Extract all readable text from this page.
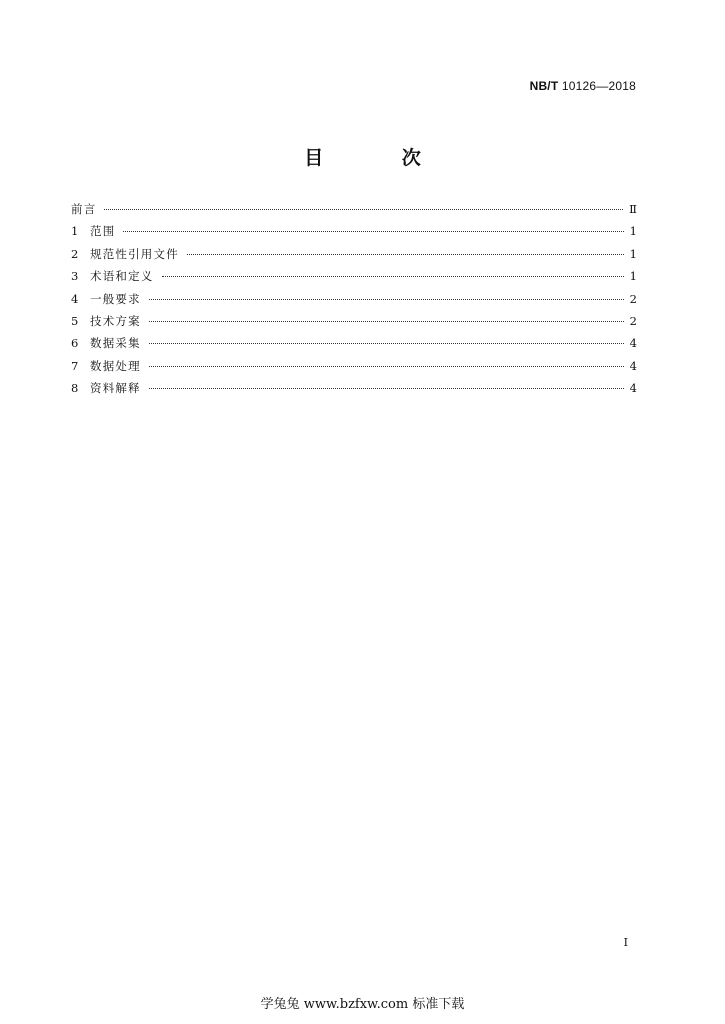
NB/T 10126—2018
目 次
前言	Ⅱ
1	范围	1
2	规范性引用文件	1
3	术语和定义	1
4	一般要求	2
5	技术方案	2
6	数据采集	4
7	数据处理	4
8	资料解释	4
I
学兔兔 www.bzfxw.com 标准下载
